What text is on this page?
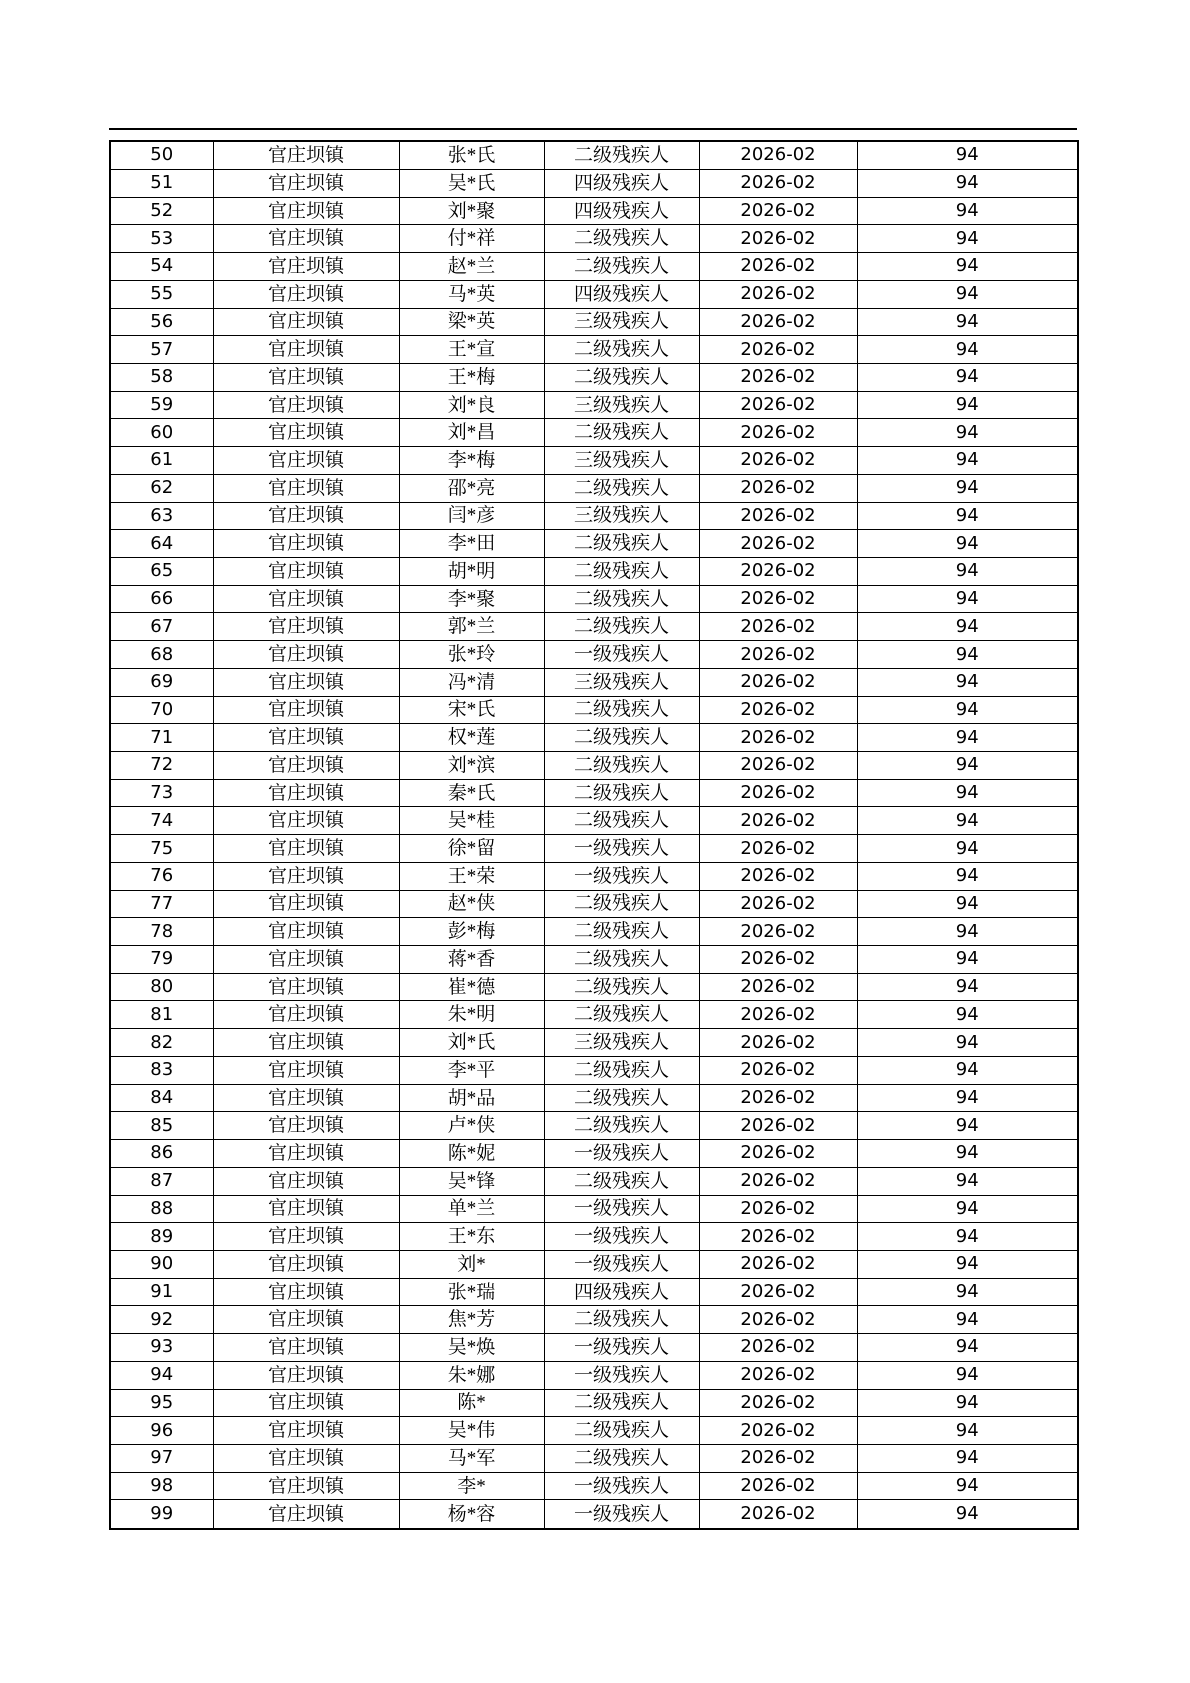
50	官庄坝镇	张*氏	二级残疾人	2026-02	94
51	官庄坝镇	吴*氏	四级残疾人	2026-02	94
52	官庄坝镇	刘*聚	四级残疾人	2026-02	94
53	官庄坝镇	付*祥	二级残疾人	2026-02	94
54	官庄坝镇	赵*兰	二级残疾人	2026-02	94
55	官庄坝镇	马*英	四级残疾人	2026-02	94
56	官庄坝镇	梁*英	三级残疾人	2026-02	94
57	官庄坝镇	王*宣	二级残疾人	2026-02	94
58	官庄坝镇	王*梅	二级残疾人	2026-02	94
59	官庄坝镇	刘*良	三级残疾人	2026-02	94
60	官庄坝镇	刘*昌	二级残疾人	2026-02	94
61	官庄坝镇	李*梅	三级残疾人	2026-02	94
62	官庄坝镇	邵*亮	二级残疾人	2026-02	94
63	官庄坝镇	闫*彦	三级残疾人	2026-02	94
64	官庄坝镇	李*田	二级残疾人	2026-02	94
65	官庄坝镇	胡*明	二级残疾人	2026-02	94
66	官庄坝镇	李*聚	二级残疾人	2026-02	94
67	官庄坝镇	郭*兰	二级残疾人	2026-02	94
68	官庄坝镇	张*玲	一级残疾人	2026-02	94
69	官庄坝镇	冯*清	三级残疾人	2026-02	94
70	官庄坝镇	宋*氏	二级残疾人	2026-02	94
71	官庄坝镇	权*莲	二级残疾人	2026-02	94
72	官庄坝镇	刘*滨	二级残疾人	2026-02	94
73	官庄坝镇	秦*氏	二级残疾人	2026-02	94
74	官庄坝镇	吴*桂	二级残疾人	2026-02	94
75	官庄坝镇	徐*留	一级残疾人	2026-02	94
76	官庄坝镇	王*荣	一级残疾人	2026-02	94
77	官庄坝镇	赵*侠	二级残疾人	2026-02	94
78	官庄坝镇	彭*梅	二级残疾人	2026-02	94
79	官庄坝镇	蒋*香	二级残疾人	2026-02	94
80	官庄坝镇	崔*德	二级残疾人	2026-02	94
81	官庄坝镇	朱*明	二级残疾人	2026-02	94
82	官庄坝镇	刘*氏	三级残疾人	2026-02	94
83	官庄坝镇	李*平	二级残疾人	2026-02	94
84	官庄坝镇	胡*品	二级残疾人	2026-02	94
85	官庄坝镇	卢*侠	二级残疾人	2026-02	94
86	官庄坝镇	陈*妮	一级残疾人	2026-02	94
87	官庄坝镇	吴*锋	二级残疾人	2026-02	94
88	官庄坝镇	单*兰	一级残疾人	2026-02	94
89	官庄坝镇	王*东	一级残疾人	2026-02	94
90	官庄坝镇	刘*	一级残疾人	2026-02	94
91	官庄坝镇	张*瑞	四级残疾人	2026-02	94
92	官庄坝镇	焦*芳	二级残疾人	2026-02	94
93	官庄坝镇	吴*焕	一级残疾人	2026-02	94
94	官庄坝镇	朱*娜	一级残疾人	2026-02	94
95	官庄坝镇	陈*	二级残疾人	2026-02	94
96	官庄坝镇	吴*伟	二级残疾人	2026-02	94
97	官庄坝镇	马*军	二级残疾人	2026-02	94
98	官庄坝镇	李*	一级残疾人	2026-02	94
99	官庄坝镇	杨*容	一级残疾人	2026-02	94
